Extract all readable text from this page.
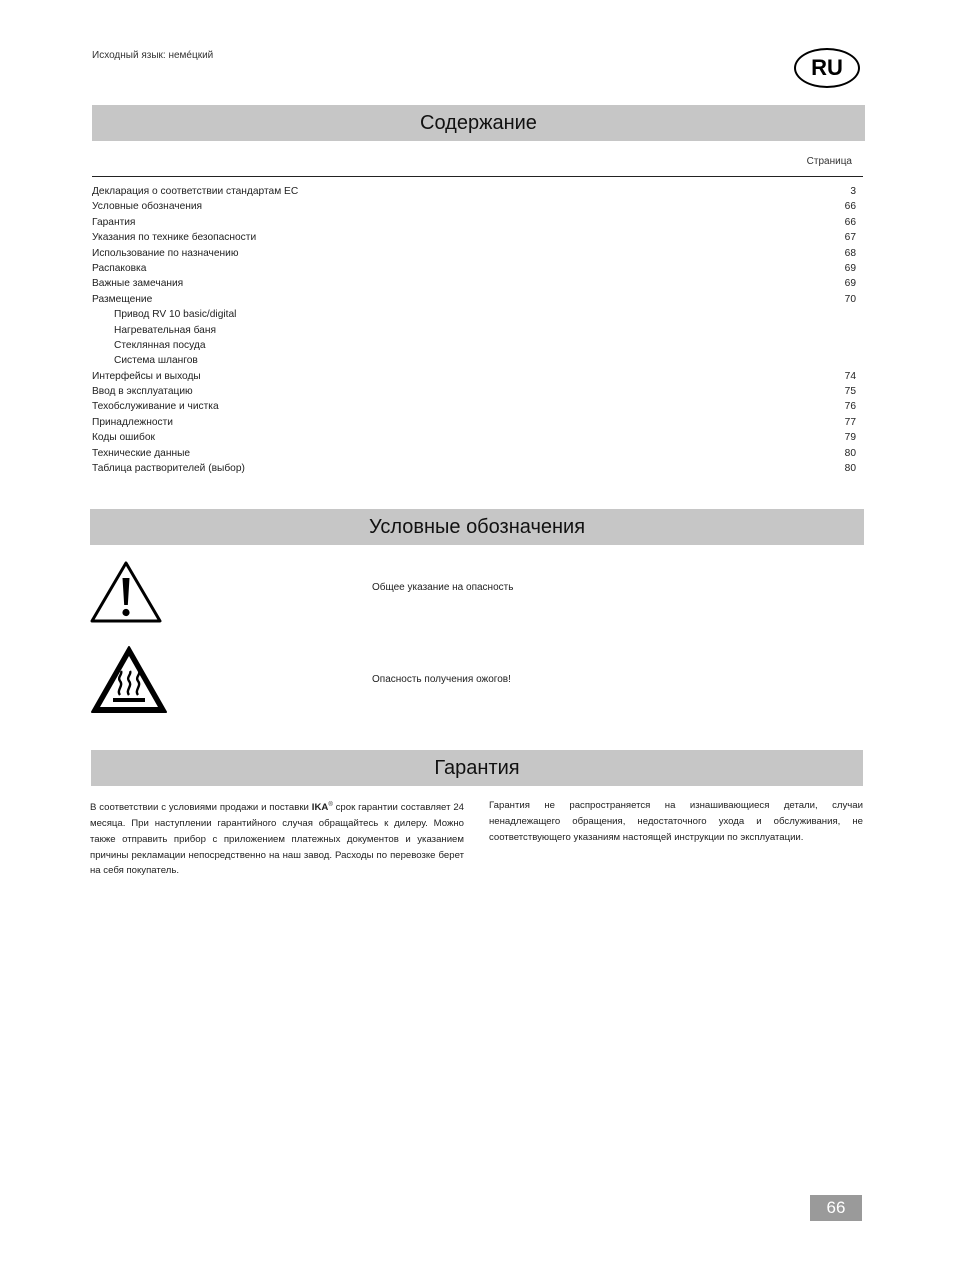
Исходный язык: немéцкий	RU
Содержание
Страница
Декларация о соответствии стандартам ЕС	3
Условные обозначения	66
Гарантия	66
Указания по технике безопасности	67
Использование по назначению	68
Распаковка	69
Важные замечания	69
Размещение	70
Привод RV 10 basic/digital
Нагревательная баня
Стеклянная посуда
Система шлангов
Интерфейсы и выходы	74
Ввод в эксплуатацию	75
Техобслуживание и чистка	76
Принадлежности	77
Коды ошибок	79
Технические данные	80
Таблица растворителей (выбор)	80
Условные обозначения
Общее указание на опасность
Опасность получения ожогов!
Гарантия
В соответствии с условиями продажи и поставки IKA® срок гарантии составляет 24 месяца. При наступлении гарантийного случая обращайтесь к дилеру. Можно также отправить прибор с приложением платежных документов и указанием причины рекламации непосредственно на наш завод. Расходы по перевозке берет на себя покупатель.
Гарантия не распространяется на изнашивающиеся детали, случаи ненадлежащего обращения, недостаточного ухода и обслуживания, не соответствующего указаниям настоящей инструкции по эксплуатации.
66
